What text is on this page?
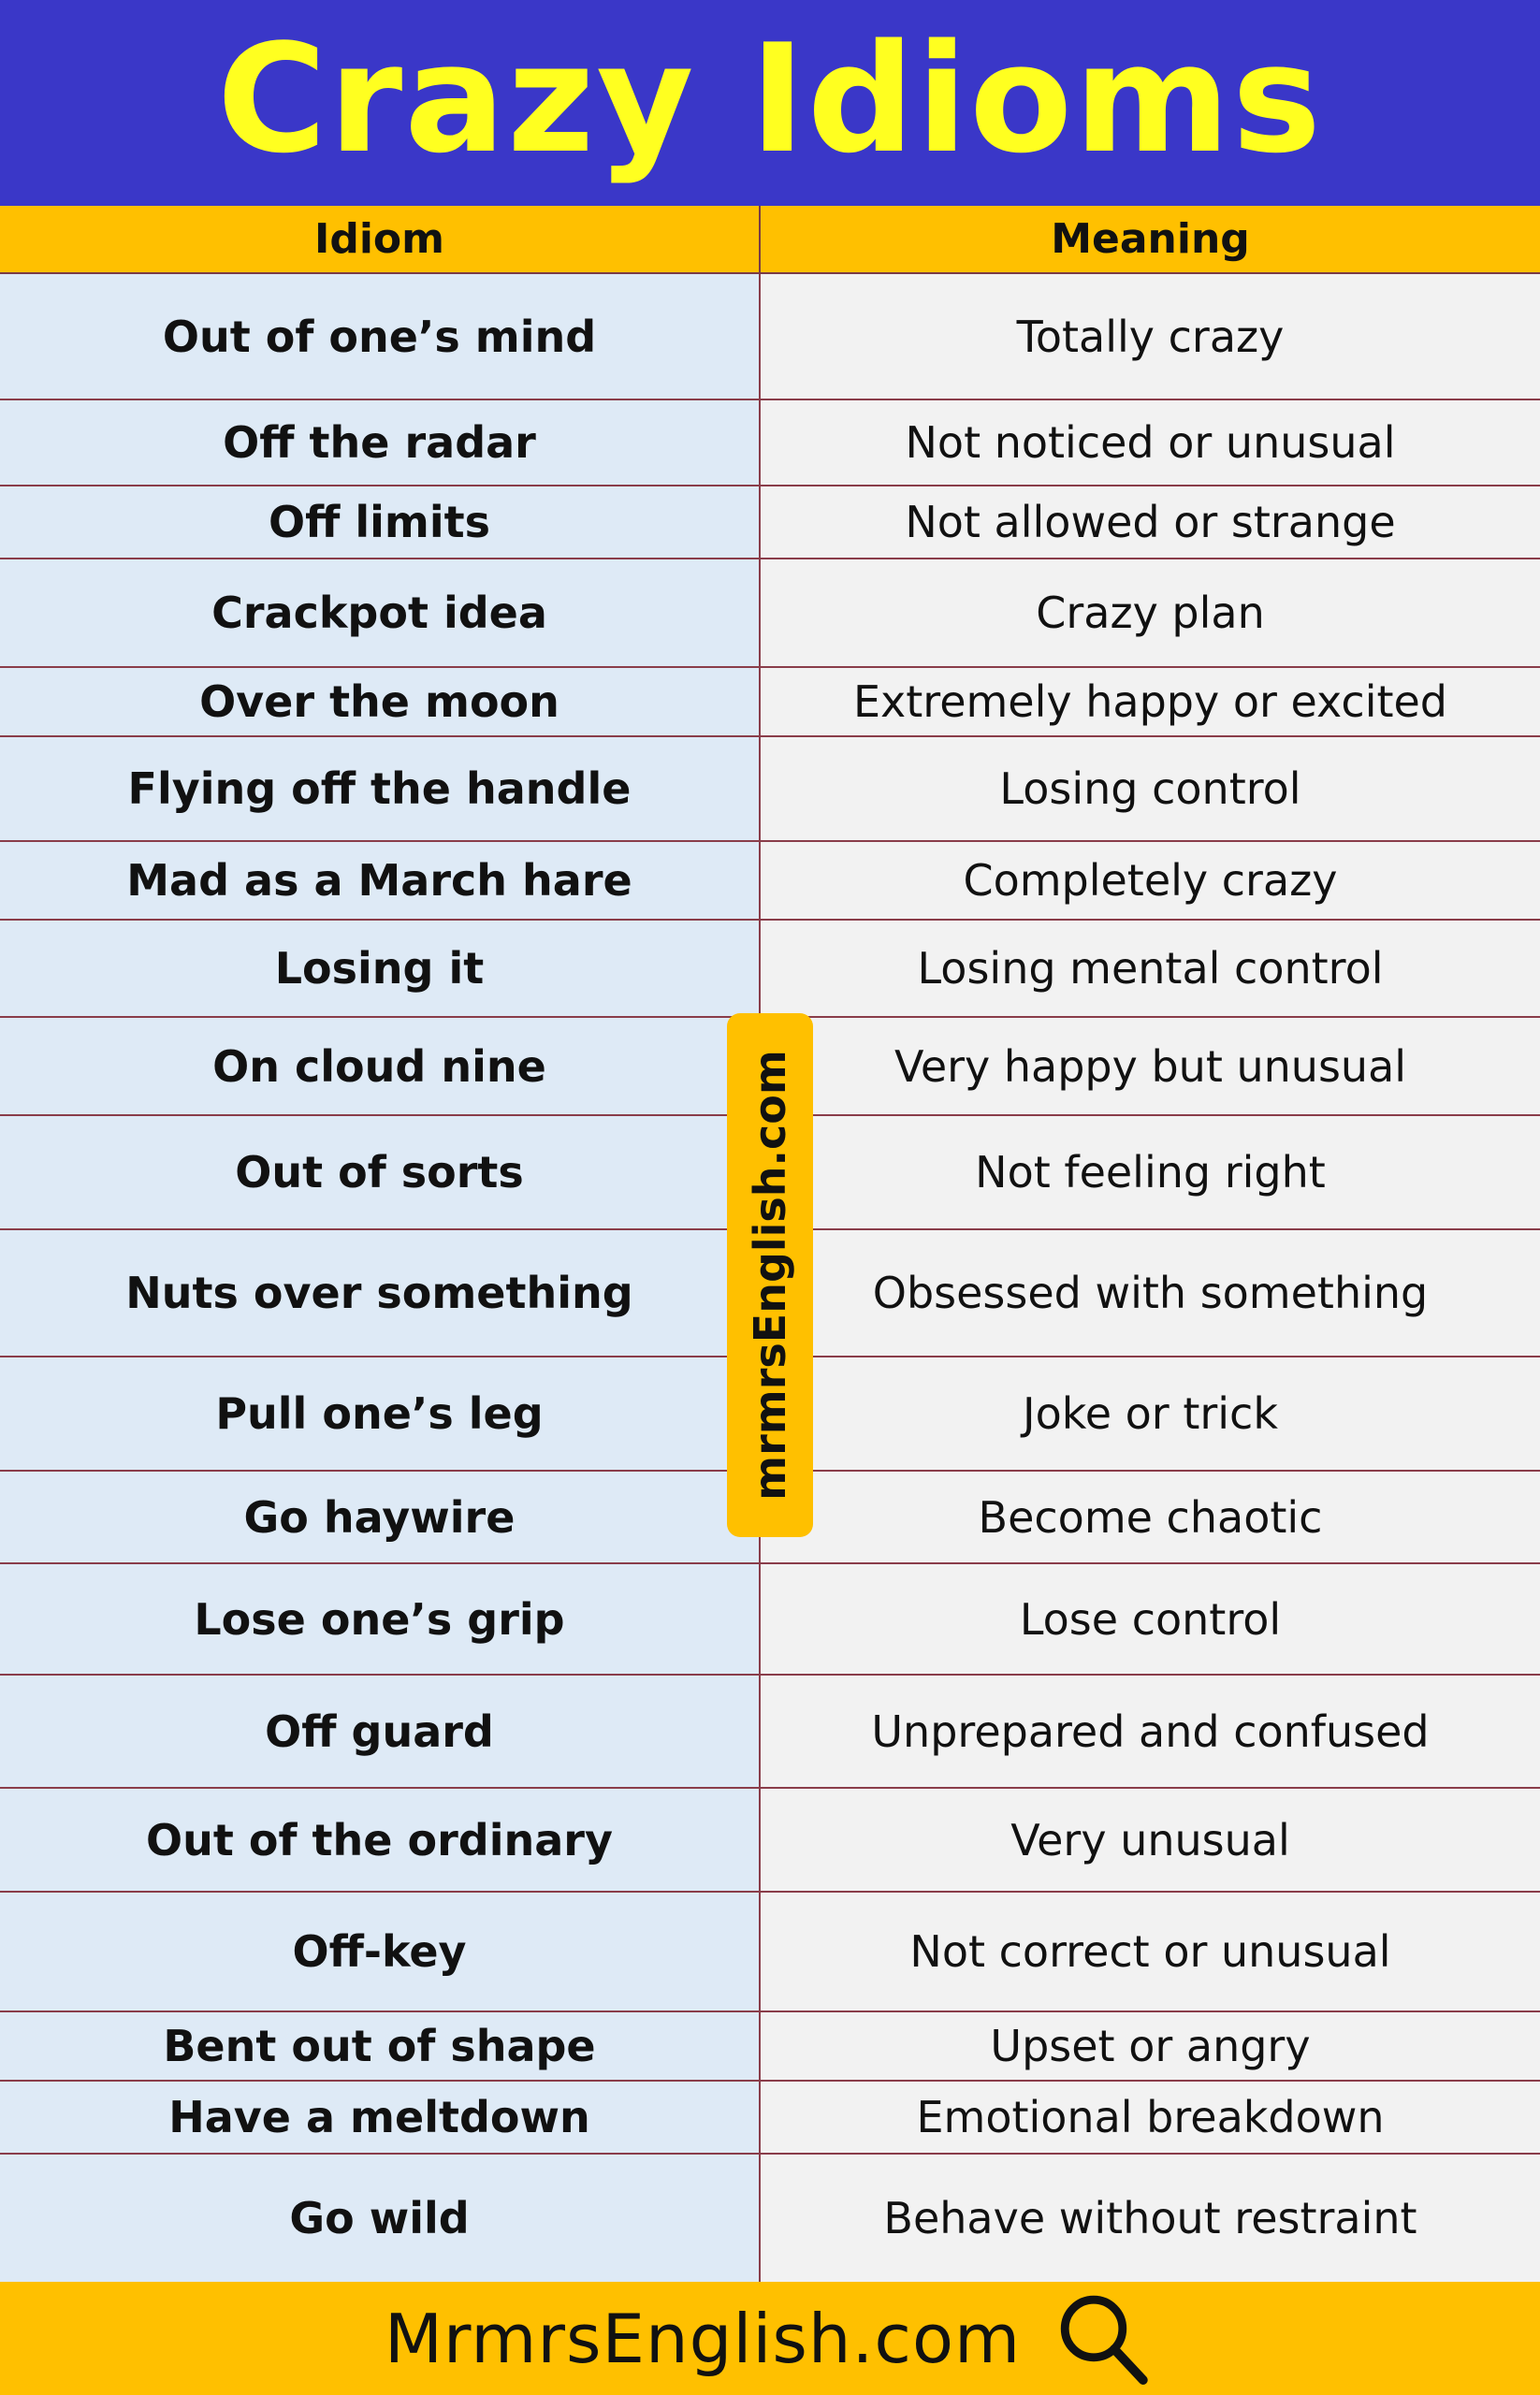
Crazy Idioms
Idiom	Meaning
Out of one’s mind	Totally crazy
Off the radar	Not noticed or unusual
Off limits	Not allowed or strange
Crackpot idea	Crazy plan
Over the moon	Extremely happy or excited
Flying off the handle	Losing control
Mad as a March hare	Completely crazy
Losing it	Losing mental control
On cloud nine	Very happy but unusual
Out of sorts	Not feeling right
Nuts over something	Obsessed with something
Pull one’s leg	Joke or trick
Go haywire	Become chaotic
Lose one’s grip	Lose control
Off guard	Unprepared and confused
Out of the ordinary	Very unusual
Off-key	Not correct or unusual
Bent out of shape	Upset or angry
Have a meltdown	Emotional breakdown
Go wild	Behave without restraint
mrmrsEnglish.com
MrmrsEnglish.com
